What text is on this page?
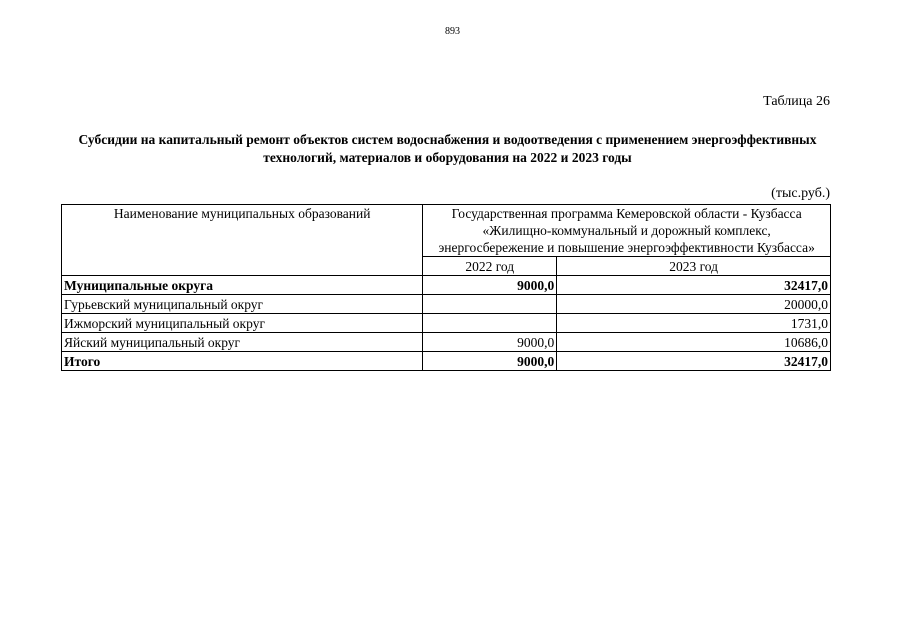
893
Таблица 26
Субсидии на капитальный ремонт объектов систем водоснабжения и водоотведения с применением энергоэффективных
технологий, материалов и оборудования на 2022 и 2023 годы
(тыс.руб.)
Наименование муниципальных образований	Государственная программа Кемеровской области - Кузбасса
«Жилищно-коммунальный и дорожный комплекс,
энергосбережение и повышение энергоэффективности Кузбасса»	

	2022 год	2023 год
Муниципальные округа	9000,0	32417,0
Гурьевский муниципальный округ		20000,0
Ижморский муниципальный округ		1731,0
Яйский муниципальный округ	9000,0	10686,0
Итого	9000,0	32417,0
